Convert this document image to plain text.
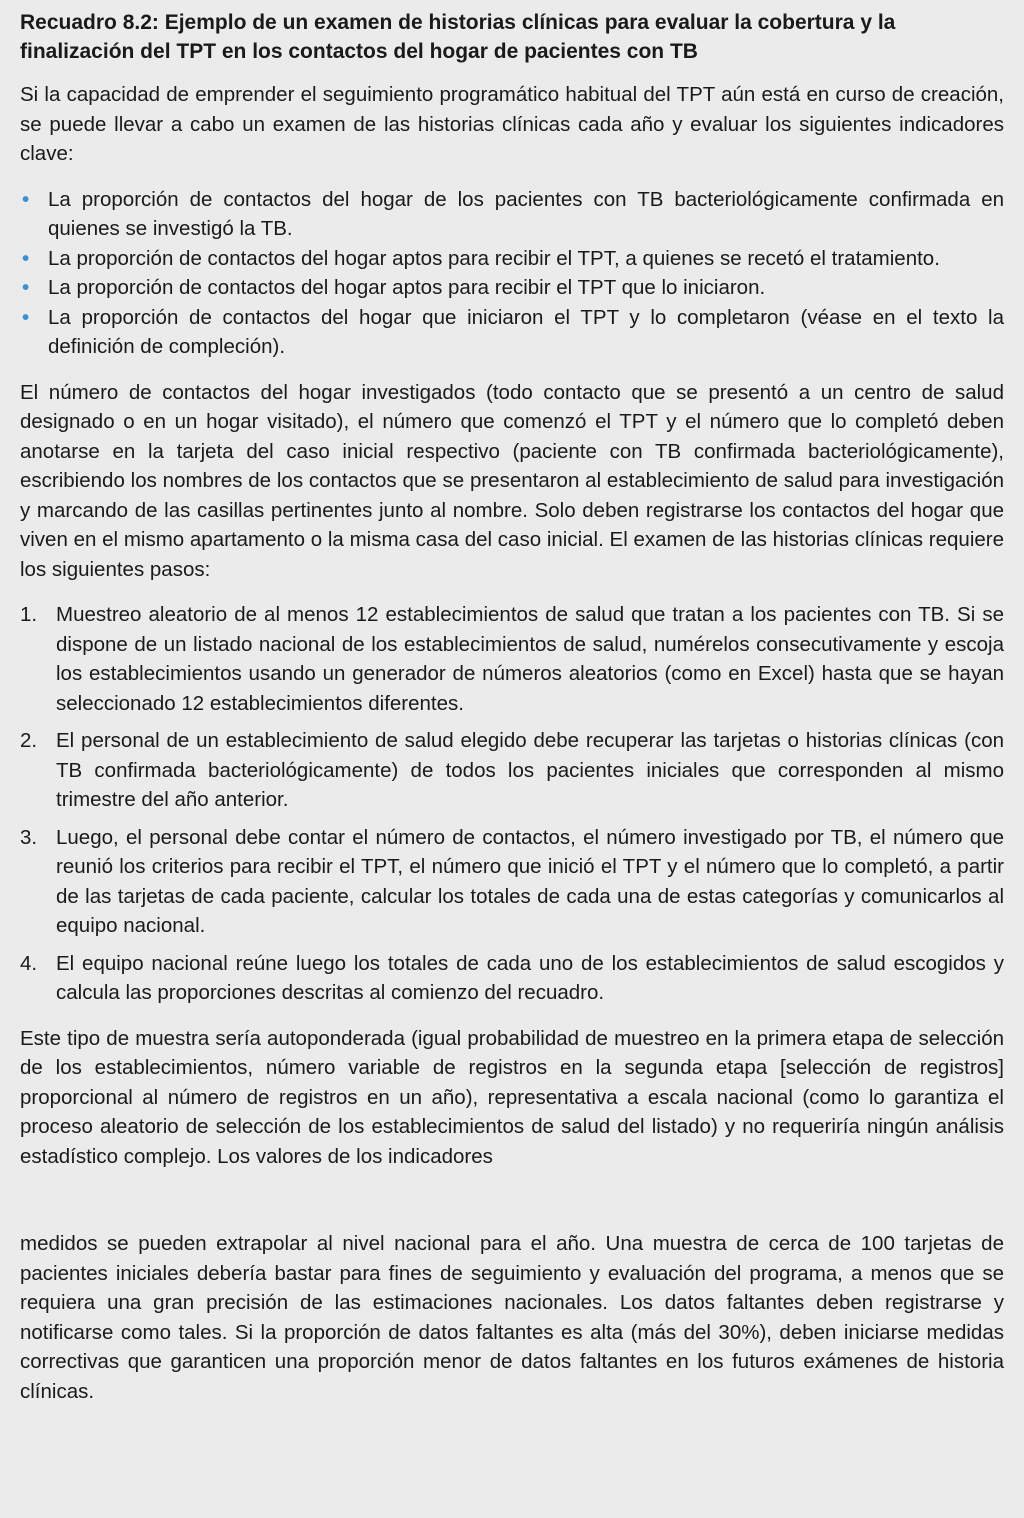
Recuadro 8.2: Ejemplo de un examen de historias clínicas para evaluar la cobertura y la finalización del TPT en los contactos del hogar de pacientes con TB
Si la capacidad de emprender el seguimiento programático habitual del TPT aún está en curso de creación, se puede llevar a cabo un examen de las historias clínicas cada año y evaluar los siguientes indicadores clave:
• La proporción de contactos del hogar de los pacientes con TB bacteriológicamente confirmada en quienes se investigó la TB.
• La proporción de contactos del hogar aptos para recibir el TPT, a quienes se recetó el tratamiento.
• La proporción de contactos del hogar aptos para recibir el TPT que lo iniciaron.
• La proporción de contactos del hogar que iniciaron el TPT y lo completaron (véase en el texto la definición de compleción).
El número de contactos del hogar investigados (todo contacto que se presentó a un centro de salud designado o en un hogar visitado), el número que comenzó el TPT y el número que lo completó deben anotarse en la tarjeta del caso inicial respectivo (paciente con TB confirmada bacteriológicamente), escribiendo los nombres de los contactos que se presentaron al establecimiento de salud para investigación y marcando de las casillas pertinentes junto al nombre. Solo deben registrarse los contactos del hogar que viven en el mismo apartamento o la misma casa del caso inicial. El examen de las historias clínicas requiere los siguientes pasos:
1. Muestreo aleatorio de al menos 12 establecimientos de salud que tratan a los pacientes con TB. Si se dispone de un listado nacional de los establecimientos de salud, numérelos consecutivamente y escoja los establecimientos usando un generador de números aleatorios (como en Excel) hasta que se hayan seleccionado 12 establecimientos diferentes.
2. El personal de un establecimiento de salud elegido debe recuperar las tarjetas o historias clínicas (con TB confirmada bacteriológicamente) de todos los pacientes iniciales que corresponden al mismo trimestre del año anterior.
3. Luego, el personal debe contar el número de contactos, el número investigado por TB, el número que reunió los criterios para recibir el TPT, el número que inició el TPT y el número que lo completó, a partir de las tarjetas de cada paciente, calcular los totales de cada una de estas categorías y comunicarlos al equipo nacional.
4. El equipo nacional reúne luego los totales de cada uno de los establecimientos de salud escogidos y calcula las proporciones descritas al comienzo del recuadro.
Este tipo de muestra sería autoponderada (igual probabilidad de muestreo en la primera etapa de selección de los establecimientos, número variable de registros en la segunda etapa [selección de registros] proporcional al número de registros en un año), representativa a escala nacional (como lo garantiza el proceso aleatorio de selección de los establecimientos de salud del listado) y no requeriría ningún análisis estadístico complejo. Los valores de los indicadores
medidos se pueden extrapolar al nivel nacional para el año. Una muestra de cerca de 100 tarjetas de pacientes iniciales debería bastar para fines de seguimiento y evaluación del programa, a menos que se requiera una gran precisión de las estimaciones nacionales. Los datos faltantes deben registrarse y notificarse como tales. Si la proporción de datos faltantes es alta (más del 30%), deben iniciarse medidas correctivas que garanticen una proporción menor de datos faltantes en los futuros exámenes de historia clínicas.
